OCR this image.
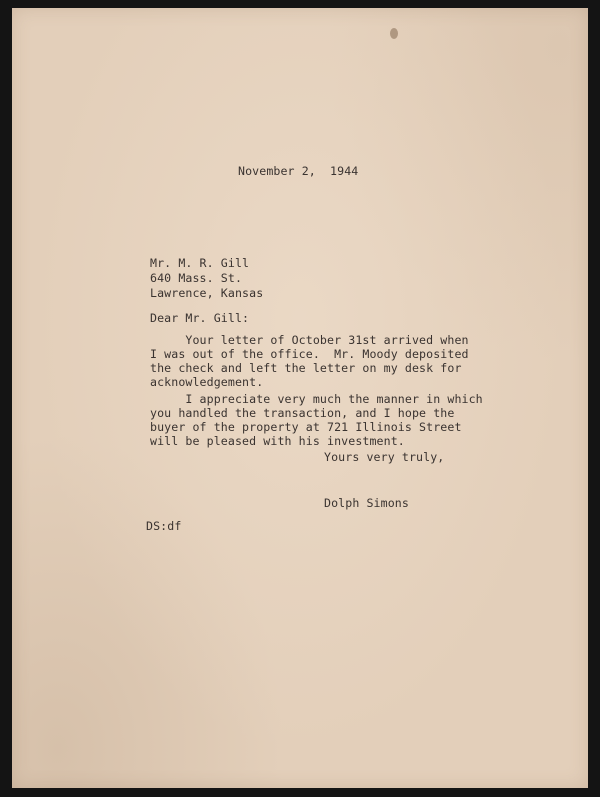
November 2,  1944
Mr. M. R. Gill
640 Mass. St.
Lawrence, Kansas
Dear Mr. Gill:
Your letter of October 31st arrived when
I was out of the office.  Mr. Moody deposited
the check and left the letter on my desk for
acknowledgement.
I appreciate very much the manner in which
you handled the transaction, and I hope the
buyer of the property at 721 Illinois Street
will be pleased with his investment.
Yours very truly,
Dolph Simons
DS:df
